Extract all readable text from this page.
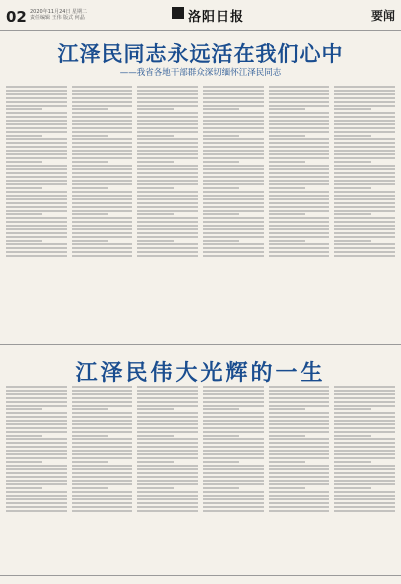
02 2020年11月24日 星期二
责任编辑 王伟 版式 何晶	洛阳日报	要闻
江泽民同志永远活在我们心中
——我省各地干部群众深切缅怀江泽民同志
江泽民伟大光辉的一生
